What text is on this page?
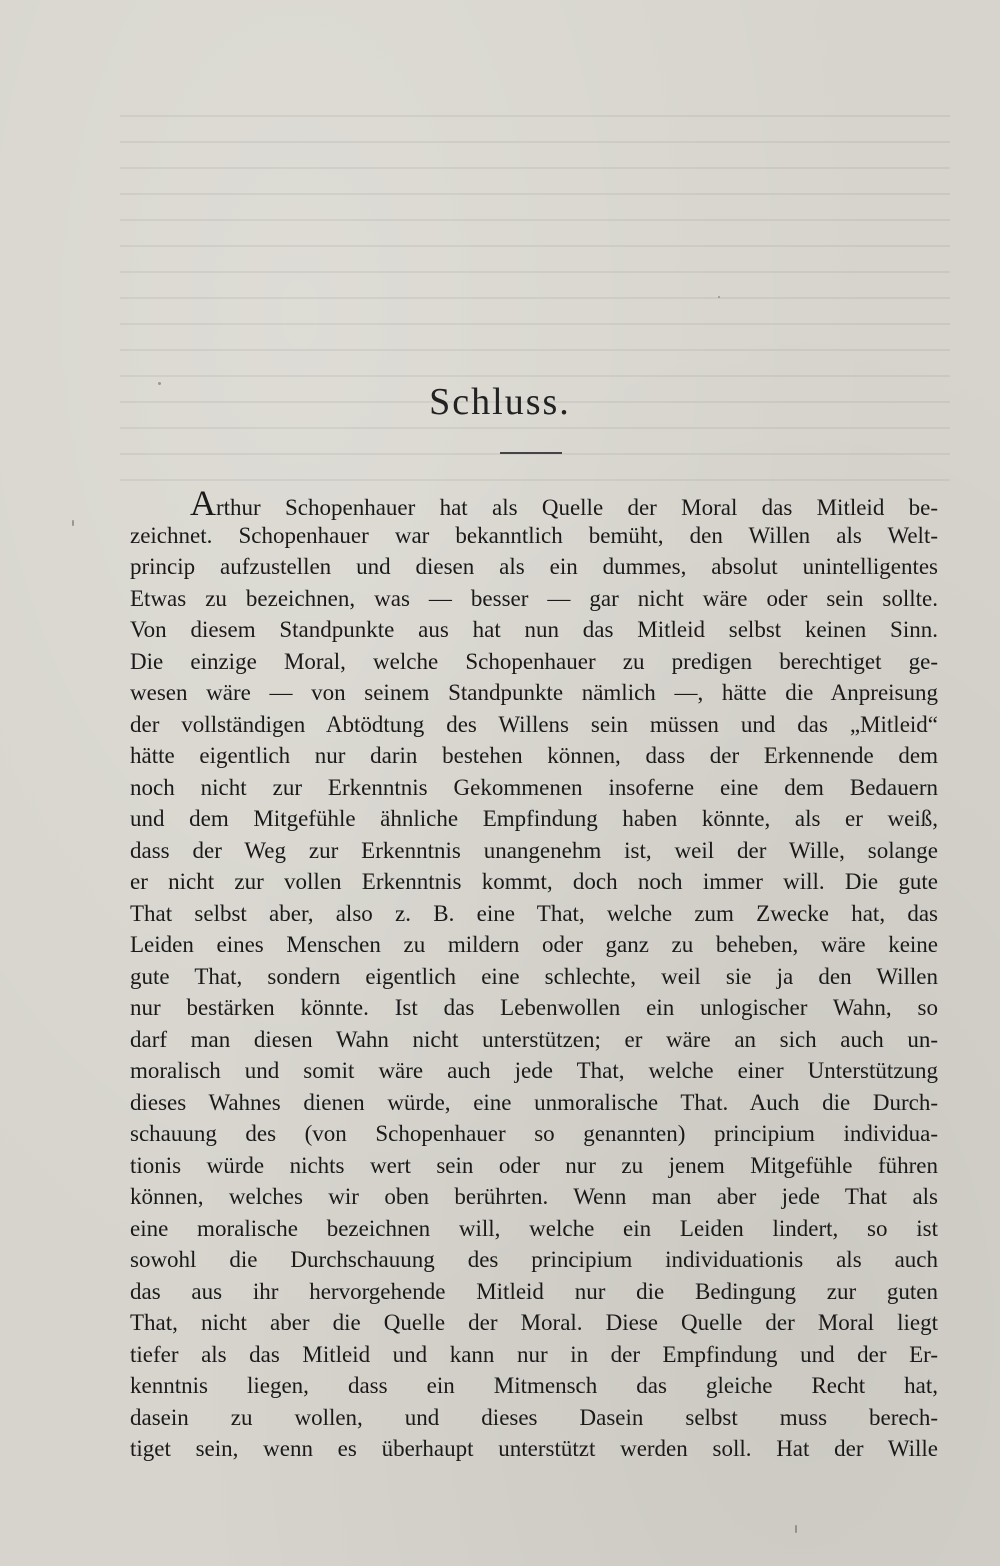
Schluss.
Arthur Schopenhauer hat als Quelle der Moral das Mitleid be-
zeichnet. Schopenhauer war bekanntlich bemüht, den Willen als Welt-
princip aufzustellen und diesen als ein dummes, absolut unintelligentes
Etwas zu bezeichnen, was — besser — gar nicht wäre oder sein sollte.
Von diesem Standpunkte aus hat nun das Mitleid selbst keinen Sinn.
Die einzige Moral, welche Schopenhauer zu predigen berechtiget ge-
wesen wäre — von seinem Standpunkte nämlich —, hätte die Anpreisung
der vollständigen Abtödtung des Willens sein müssen und das „Mitleid“
hätte eigentlich nur darin bestehen können, dass der Erkennende dem
noch nicht zur Erkenntnis Gekommenen insoferne eine dem Bedauern
und dem Mitgefühle ähnliche Empfindung haben könnte, als er weiß,
dass der Weg zur Erkenntnis unangenehm ist, weil der Wille, solange
er nicht zur vollen Erkenntnis kommt, doch noch immer will. Die gute
That selbst aber, also z. B. eine That, welche zum Zwecke hat, das
Leiden eines Menschen zu mildern oder ganz zu beheben, wäre keine
gute That, sondern eigentlich eine schlechte, weil sie ja den Willen
nur bestärken könnte. Ist das Lebenwollen ein unlogischer Wahn, so
darf man diesen Wahn nicht unterstützen; er wäre an sich auch un-
moralisch und somit wäre auch jede That, welche einer Unterstützung
dieses Wahnes dienen würde, eine unmoralische That. Auch die Durch-
schauung des (von Schopenhauer so genannten) principium individua-
tionis würde nichts wert sein oder nur zu jenem Mitgefühle führen
können, welches wir oben berührten. Wenn man aber jede That als
eine moralische bezeichnen will, welche ein Leiden lindert, so ist
sowohl die Durchschauung des principium individuationis als auch
das aus ihr hervorgehende Mitleid nur die Bedingung zur guten
That, nicht aber die Quelle der Moral. Diese Quelle der Moral liegt
tiefer als das Mitleid und kann nur in der Empfindung und der Er-
kenntnis liegen, dass ein Mitmensch das gleiche Recht hat,
dasein zu wollen, und dieses Dasein selbst muss berech-
tiget sein, wenn es überhaupt unterstützt werden soll. Hat der Wille
